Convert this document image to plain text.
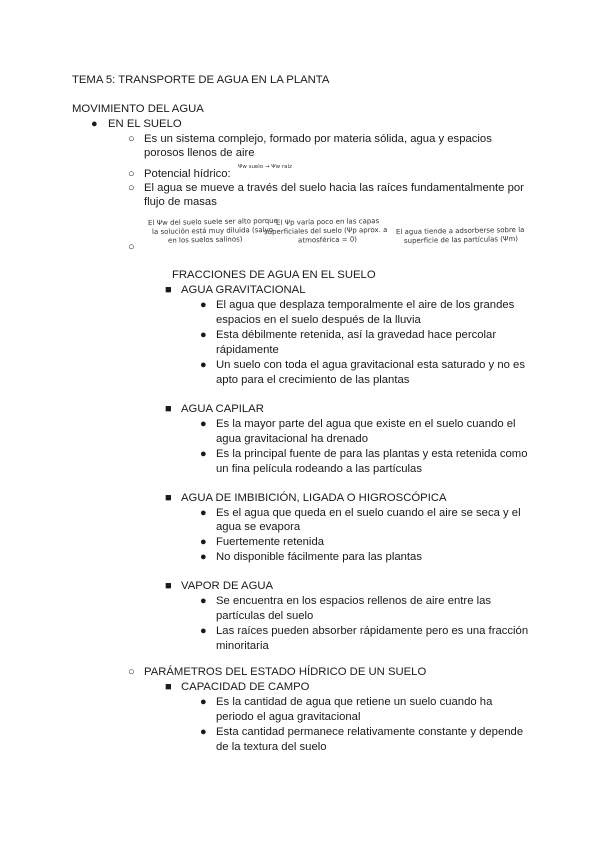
TEMA 5: TRANSPORTE DE AGUA EN LA PLANTA
MOVIMIENTO DEL AGUA
● EN EL SUELO
○ Es un sistema complejo, formado por materia sólida, agua y espacios
porosos llenos de aire
○ Potencial hídrico:
Ψw suelo → Ψw raíz
○ El agua se mueve a través del suelo hacia las raíces fundamentalmente por
flujo de masas
El Ψw del suelo suele ser alto porque
la solución está muy diluida (salvo
en los suelos salinos)
El Ψp varía poco en las capas
superficiales del suelo (Ψp aprox. a
atmosférica = 0)
El agua tiende a adsorberse sobre la
superficie de las partículas (Ψm)
○
FRACCIONES DE AGUA EN EL SUELO
■ AGUA GRAVITACIONAL
● El agua que desplaza temporalmente el aire de los grandes
espacios en el suelo después de la lluvia
● Esta débilmente retenida, así la gravedad hace percolar
rápidamente
● Un suelo con toda el agua gravitacional esta saturado y no es
apto para el crecimiento de las plantas
■ AGUA CAPILAR
● Es la mayor parte del agua que existe en el suelo cuando el
agua gravitacional ha drenado
● Es la principal fuente de para las plantas y esta retenida como
un fina película rodeando a las partículas
■ AGUA DE IMBIBICIÓN, LIGADA O HIGROSCÓPICA
● Es el agua que queda en el suelo cuando el aire se seca y el
agua se evapora
● Fuertemente retenida
● No disponible fácilmente para las plantas
■ VAPOR DE AGUA
● Se encuentra en los espacios rellenos de aire entre las
partículas del suelo
● Las raíces pueden absorber rápidamente pero es una fracción
minoritaria
○ PARÁMETROS DEL ESTADO HÍDRICO DE UN SUELO
■ CAPACIDAD DE CAMPO
● Es la cantidad de agua que retiene un suelo cuando ha
periodo el agua gravitacional
● Esta cantidad permanece relativamente constante y depende
de la textura del suelo
